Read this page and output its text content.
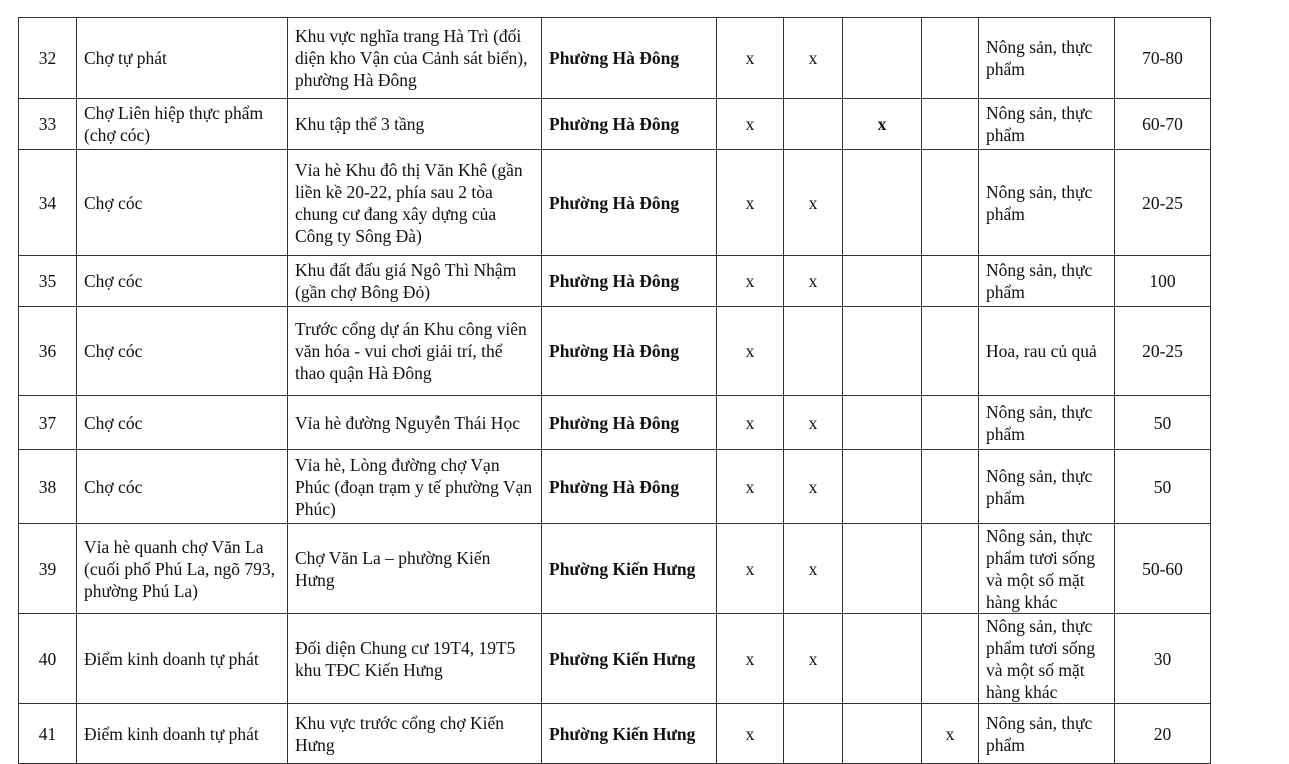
32	Chợ tự phát	Khu vực nghĩa trang Hà Trì (đối diện kho Vận của Cảnh sát biển), phường Hà Đông	Phường Hà Đông	x	x			Nông sản, thực phẩm	70-80
33	Chợ Liên hiệp thực phẩm (chợ cóc)	Khu tập thể 3 tầng	Phường Hà Đông	x		x		Nông sản, thực phẩm	60-70
34	Chợ cóc	Vỉa hè Khu đô thị Văn Khê (gần liền kề 20-22, phía sau 2 tòa chung cư đang xây dựng của Công ty Sông Đà)	Phường Hà Đông	x	x			Nông sản, thực phẩm	20-25
35	Chợ cóc	Khu đất đấu giá Ngô Thì Nhậm (gần chợ Bông Đỏ)	Phường Hà Đông	x	x			Nông sản, thực phẩm	100
36	Chợ cóc	Trước cổng dự án Khu công viên văn hóa - vui chơi giải trí, thể thao quận Hà Đông	Phường Hà Đông	x				Hoa, rau củ quả	20-25
37	Chợ cóc	Vỉa hè đường Nguyễn Thái Học	Phường Hà Đông	x	x			Nông sản, thực phẩm	50
38	Chợ cóc	Vỉa hè, Lòng đường chợ Vạn Phúc (đoạn trạm y tế phường Vạn Phúc)	Phường Hà Đông	x	x			Nông sản, thực phẩm	50
39	Vỉa hè quanh chợ Văn La (cuối phố Phú La, ngõ 793, phường Phú La)	Chợ Văn La – phường Kiến Hưng	Phường Kiến Hưng	x	x			Nông sản, thực phẩm tươi sống và một số mặt hàng khác	50-60
40	Điểm kinh doanh tự phát	Đối diện Chung cư 19T4, 19T5 khu TĐC Kiến Hưng	Phường Kiến Hưng	x	x			Nông sản, thực phẩm tươi sống và một số mặt hàng khác	30
41	Điểm kinh doanh tự phát	Khu vực trước cổng chợ Kiến Hưng	Phường Kiến Hưng	x			x	Nông sản, thực phẩm	20
